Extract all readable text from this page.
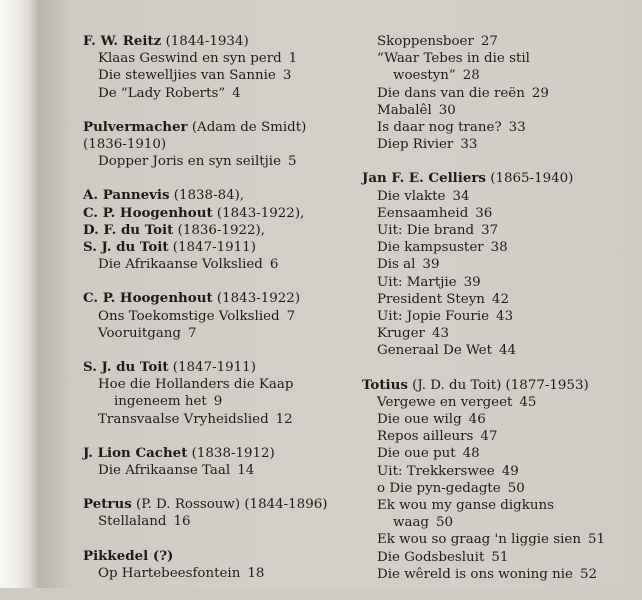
F. W. Reitz (1844-1934)
Klaas Geswind en syn perd 1
Die stewelljies van Sannie 3
De “Lady Roberts” 4
Pulvermacher (Adam de Smidt)
(1836-1910)
Dopper Joris en syn seiltjie 5
A. Pannevis (1838-84),
C. P. Hoogenhout (1843-1922),
D. F. du Toit (1836-1922),
S. J. du Toit (1847-1911)
Die Afrikaanse Volkslied 6
C. P. Hoogenhout (1843-1922)
Ons Toekomstige Volkslied 7
Vooruitgang 7
S. J. du Toit (1847-1911)
Hoe die Hollanders die Kaap
ingeneem het 9
Transvaalse Vryheidslied 12
J. Lion Cachet (1838-1912)
Die Afrikaanse Taal 14
Petrus (P. D. Rossouw) (1844-1896)
Stellaland 16
Pikkedel (?)
Op Hartebeesfontein 18
Skoppensboer 27
“Waar Tebes in die stil
woestyn” 28
Die dans van die reën 29
Mabalêl 30
Is daar nog trane? 33
Diep Rivier 33
Jan F. E. Celliers (1865-1940)
Die vlakte 34
Eensaamheid 36
Uit: Die brand 37
Die kampsuster 38
Dis al 39
Uit: Martjie 39
President Steyn 42
Uit: Jopie Fourie 43
Kruger 43
Generaal De Wet 44
Totius (J. D. du Toit) (1877-1953)
Vergewe en vergeet 45
Die oue wilg 46
Repos ailleurs 47
Die oue put 48
Uit: Trekkerswee 49
o Die pyn-gedagte 50
Ek wou my ganse digkuns
waag 50
Ek wou so graag 'n liggie sien 51
Die Godsbesluit 51
Die wêreld is ons woning nie 52
